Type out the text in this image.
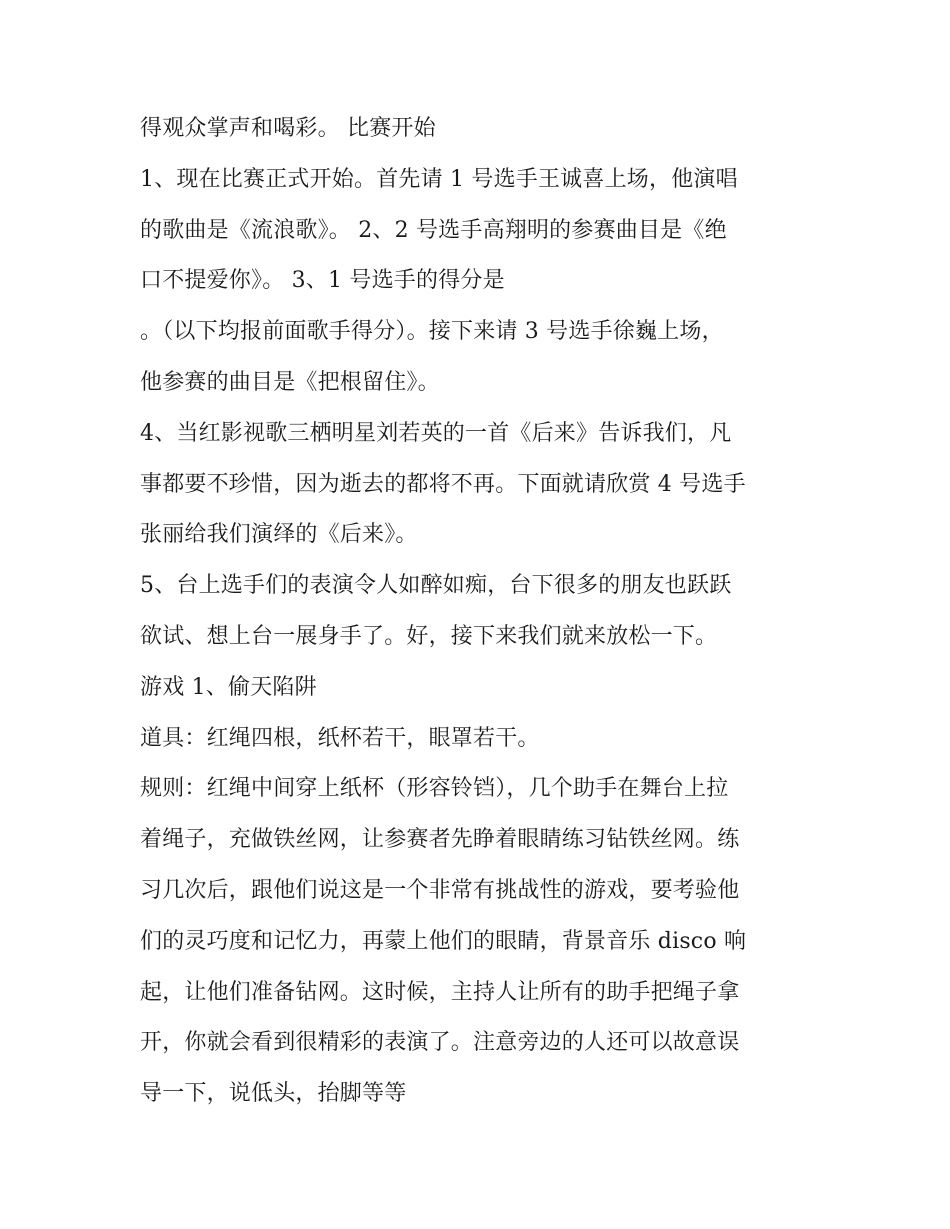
得观众掌声和喝彩。 比赛开始
1、现在比赛正式开始。首先请 1 号选手王诚喜上场，他演唱
的歌曲是《流浪歌》。 2、2 号选手高翔明的参赛曲目是《绝
口不提爱你》。 3、1 号选手的得分是
。（以下均报前面歌手得分）。接下来请 3 号选手徐巍上场，
他参赛的曲目是《把根留住》。
4、当红影视歌三栖明星刘若英的一首《后来》告诉我们，凡
事都要不珍惜，因为逝去的都将不再。下面就请欣赏 4 号选手
张丽给我们演绎的《后来》。
5、台上选手们的表演令人如醉如痴，台下很多的朋友也跃跃
欲试、想上台一展身手了。好，接下来我们就来放松一下。
游戏 1、偷天陷阱
道具：红绳四根，纸杯若干，眼罩若干。
规则：红绳中间穿上纸杯（形容铃铛），几个助手在舞台上拉
着绳子，充做铁丝网，让参赛者先睁着眼睛练习钻铁丝网。练
习几次后，跟他们说这是一个非常有挑战性的游戏，要考验他
们的灵巧度和记忆力，再蒙上他们的眼睛，背景音乐 disco 响
起，让他们准备钻网。这时候，主持人让所有的助手把绳子拿
开，你就会看到很精彩的表演了。注意旁边的人还可以故意误
导一下，说低头，抬脚等等
